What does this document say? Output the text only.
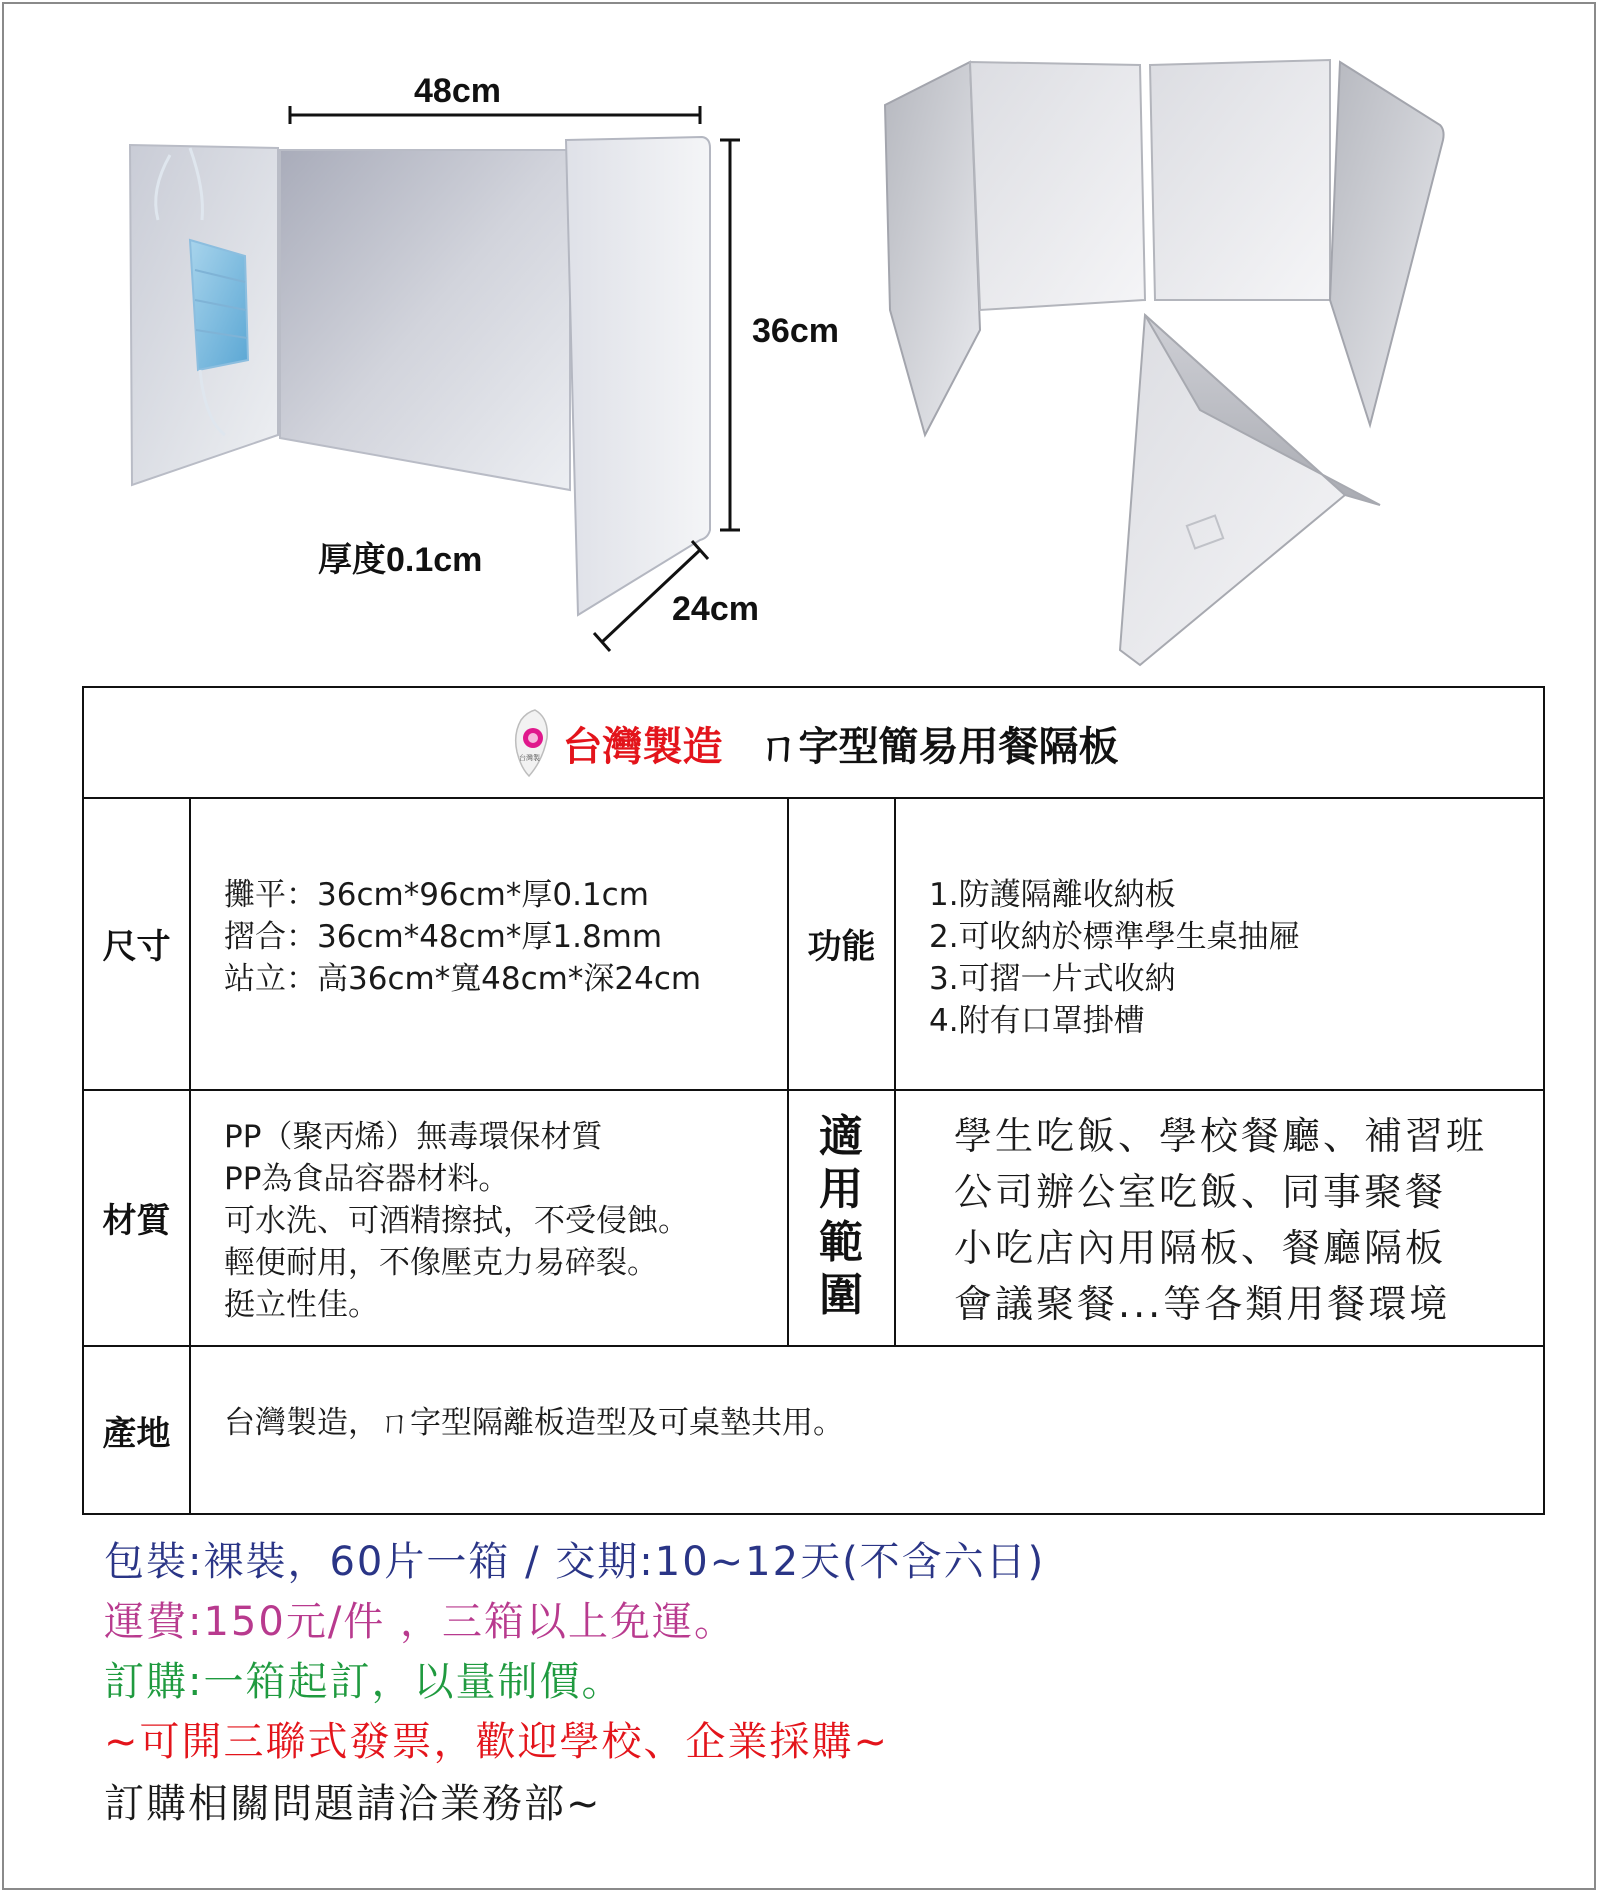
48cm
36cm
24cm
厚度0.1cm
台灣製 台灣製造 ㄇ字型簡易用餐隔板
尺寸
攤平：36cm*96cm*厚0.1cm
摺合：36cm*48cm*厚1.8mm
站立：高36cm*寬48cm*深24cm
功能
1.防護隔離收納板
2.可收納於標準學生桌抽屜
3.可摺一片式收納
4.附有口罩掛槽
材質
PP（聚丙烯）無毒環保材質
PP為食品容器材料。
可水洗、可酒精擦拭，不受侵蝕。
輕便耐用，不像壓克力易碎裂。
挺立性佳。
適
用
範
圍
學生吃飯、學校餐廳、補習班
公司辦公室吃飯、同事聚餐
小吃店內用隔板、餐廳隔板
會議聚餐...等各類用餐環境
產地	台灣製造，ㄇ字型隔離板造型及可桌墊共用。
包裝:裸裝，60片一箱 / 交期:10~12天(不含六日)
運費:150元/件 ，三箱以上免運。
訂購:一箱起訂，以量制價。
~可開三聯式發票，歡迎學校、企業採購~
訂購相關問題請洽業務部~
